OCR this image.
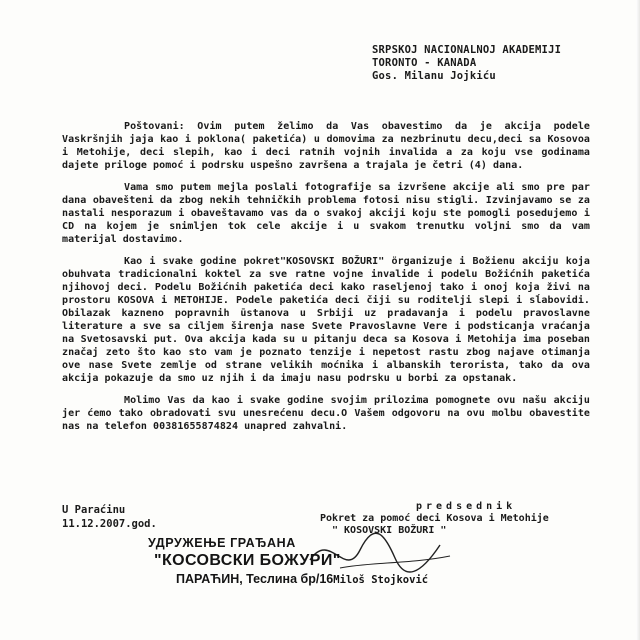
SRPSKOJ NACIONALNOJ AKADEMIJI
TORONTO - KANADA
Gos. Milanu Jojkiću

Poštovani: Ovim putem želimo da Vas obavestimo da je akcija podele Vaskršnjih jaja kao i poklona( paketića) u domovima za nezbrinutu decu,deci sa Kosovoa i Metohije, deci slepih, kao i deci ratnih vojnih invalida a za koju vse godinama dajete priloge pomoć i podrsku uspešno završena a trajala je četri (4) dana.

Vama smo putem mejla poslali fotografije sa izvršene akcije ali smo pre par dana obavešteni da zbog nekih tehničkih problema fotosi nisu stigli. Izvinjavamo se za nastali nesporazum i obaveštavamo vas da o svakoj akciji koju ste pomogli posedujemo i CD na kojem je snimljen tok cele akcije i u svakom trenutku voljni smo da vam materijal dostavimo.

Kao i svake godine pokret"KOSOVSKI BOŽURI" örganizuje i Božienu akciju koja obuhvata tradicionalni koktel za sve ratne vojne invalide i podelu Božićnih paketića njihovoj deci. Podelu Božićnih paketića deci kako raseljenoj tako i onoj koja živi na prostoru KOSOVA i METOHIJE. Podele paketića deci čiji su roditelji slepi i sĺabovidi. Obilazak kazneno popravnih ūstanova u Srbiji uz pradavanja i podelu pravoslavne literature a sve sa ciljem širenja nase Svete Pravoslavne Vere i podsticanja vraćanja na Svetosavski put. Ova akcija kada su u pitanju deca sa Kosova i Metohija ima poseban značaj zeto što kao sto vam je poznato tenzije i nepetost rastu zbog najave otimanja ove nase Svete zemlje od strane velikih moćnika i albanskih terorista, tako da ova akcija pokazuje da smo uz njih i da imaju nasu podrsku u borbi za opstanak.

Molimo Vas da kao i svake godine svojim prilozima pomognete ovu našu akciju jer ćemo tako obradovati svu unesrećenu decu.O Vašem odgovoru na ovu molbu obavestite nas na telefon 00381655874824 unapred zahvalni.

U Paraćinu
11.12.2007.god.
predsednik
Pokret za pomoć deci Kosova i Metohije
" KOSOVSKI BOŽURI "
УДРУЖЕЊЕ ГРАЂАНА
"КОСОВСКИ БОЖУРИ"
ПАРАЋИН, Теслина бр/16Miloš Stojković
